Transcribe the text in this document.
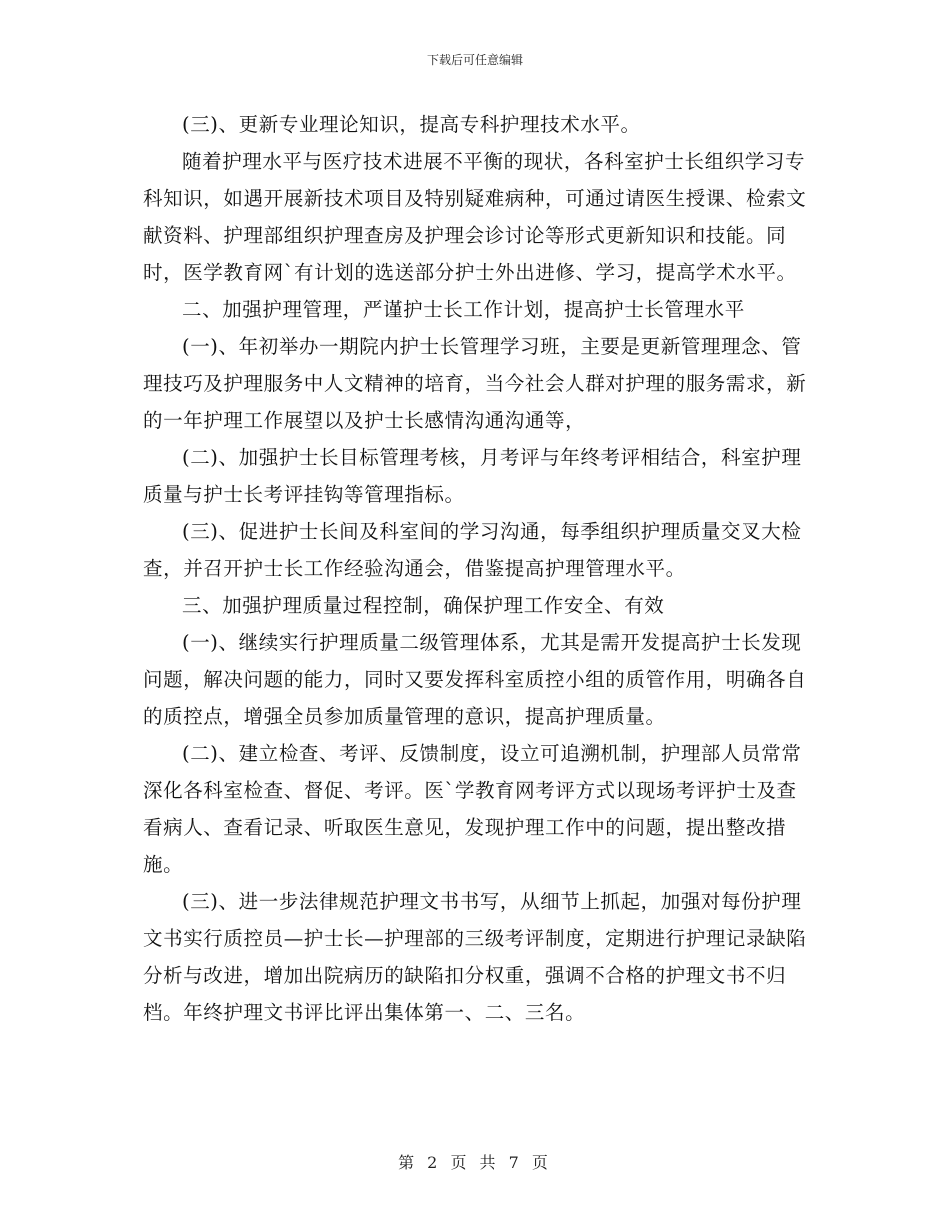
下载后可任意编辑

(三)、更新专业理论知识，提高专科护理技术水平。

随着护理水平与医疗技术进展不平衡的现状，各科室护士长组织学习专科知识，如遇开展新技术项目及特别疑难病种，可通过请医生授课、检索文献资料、护理部组织护理查房及护理会诊讨论等形式更新知识和技能。同时，医学教育网`有计划的选送部分护士外出进修、学习，提高学术水平。

二、加强护理管理，严谨护士长工作计划，提高护士长管理水平

(一)、年初举办一期院内护士长管理学习班，主要是更新管理理念、管理技巧及护理服务中人文精神的培育，当今社会人群对护理的服务需求，新的一年护理工作展望以及护士长感情沟通沟通等，

(二)、加强护士长目标管理考核，月考评与年终考评相结合，科室护理质量与护士长考评挂钩等管理指标。

(三)、促进护士长间及科室间的学习沟通，每季组织护理质量交叉大检查，并召开护士长工作经验沟通会，借鉴提高护理管理水平。

三、加强护理质量过程控制，确保护理工作安全、有效

(一)、继续实行护理质量二级管理体系，尤其是需开发提高护士长发现问题，解决问题的能力，同时又要发挥科室质控小组的质管作用，明确各自的质控点，增强全员参加质量管理的意识，提高护理质量。

(二)、建立检查、考评、反馈制度，设立可追溯机制，护理部人员常常深化各科室检查、督促、考评。医`学教育网考评方式以现场考评护士及查看病人、查看记录、听取医生意见，发现护理工作中的问题，提出整改措施。

(三)、进一步法律规范护理文书书写，从细节上抓起，加强对每份护理文书实行质控员—护士长—护理部的三级考评制度，定期进行护理记录缺陷分析与改进，增加出院病历的缺陷扣分权重，强调不合格的护理文书不归档。年终护理文书评比评出集体第一、二、三名。

第 2 页 共 7 页
